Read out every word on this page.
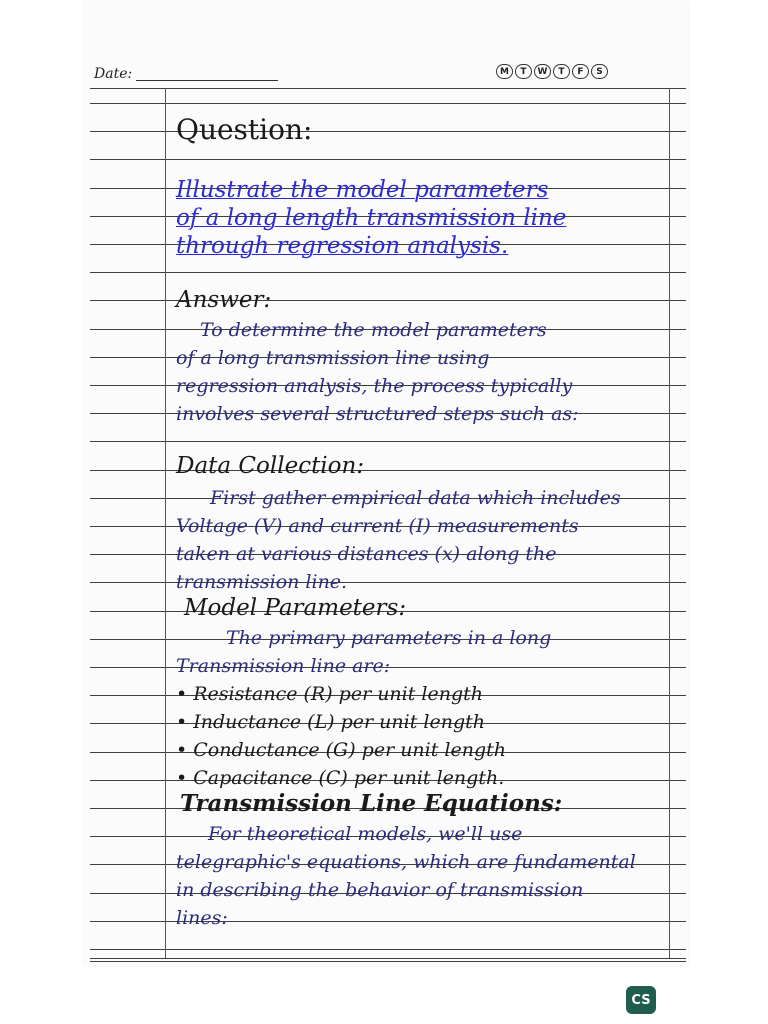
Date:	M	T	W	T	F	S
Question:
Illustrate the model parameters
of a long length transmission line
through regression analysis.
Answer:
To determine the model parameters
of a long transmission line using
regression analysis, the process typically
involves several structured steps such as:
Data Collection:
First gather empirical data which includes
Voltage (V) and current (I) measurements
taken at various distances (x) along the
transmission line.
Model Parameters:
The primary parameters in a long
Transmission line are:
• Resistance (R) per unit length
• Inductance (L) per unit length
• Conductance (G) per unit length
• Capacitance (C) per unit length.
Transmission Line Equations:
For theoretical models, we'll use
telegraphic's equations, which are fundamental
in describing the behavior of transmission
lines:
CS
